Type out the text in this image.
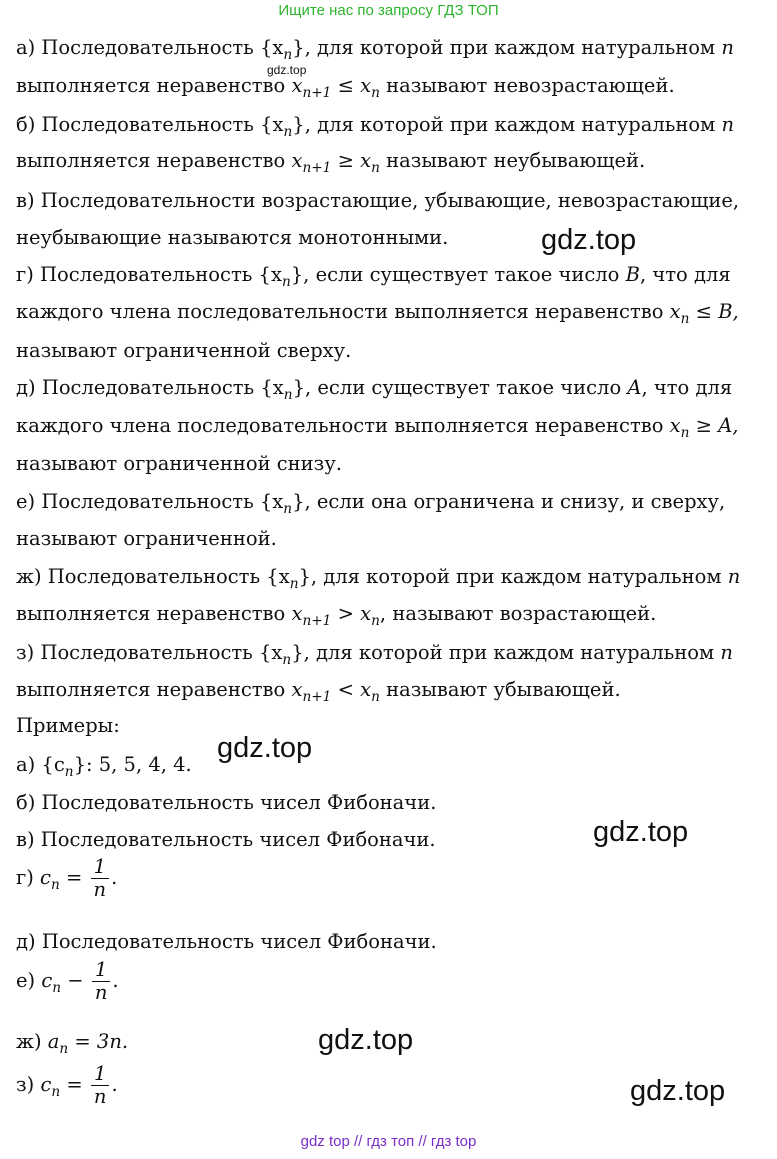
Ищите нас по запросу ГДЗ ТОП
gdz.top
gdz.top
gdz.top
gdz.top
gdz.top
gdz.top
а) Последовательность $\{x_n\}$, для которой при каждом натуральном n
выполняется неравенство $x_{n+1} \le x_n$ называют невозрастающей.
б) Последовательность $\{x_n\}$, для которой при каждом натуральном n
выполняется неравенство $x_{n+1} \ge x_n$ называют неубывающей.
в) Последовательности возрастающие, убывающие, невозрастающие,
неубывающие называются монотонными.
г) Последовательность $\{x_n\}$, если существует такое число B, что для
каждого члена последовательности выполняется неравенство $x_n \le B$,
называют ограниченной сверху.
д) Последовательность $\{x_n\}$, если существует такое число A, что для
каждого члена последовательности выполняется неравенство $x_n \ge A$,
называют ограниченной снизу.
е) Последовательность $\{x_n\}$, если она ограничена и снизу, и сверху,
называют ограниченной.
ж) Последовательность $\{x_n\}$, для которой при каждом натуральном n
выполняется неравенство $x_{n+1} > x_n$, называют возрастающей.
з) Последовательность $\{x_n\}$, для которой при каждом натуральном n
выполняется неравенство $x_{n+1} < x_n$ называют убывающей.
Примеры:
а) $\{c_n\}$: 5, 5, 4, 4.
б) Последовательность чисел Фибоначи.
в) Последовательность чисел Фибоначи.
г) $c_n = \frac{1}{n}$ .
д) Последовательность чисел Фибоначи.
е) $c_n - \frac{1}{n}$ .
ж) $a_n = 3n$.
з) $c_n = \frac{1}{n}$ .
gdz top // гдз топ // гдз top
